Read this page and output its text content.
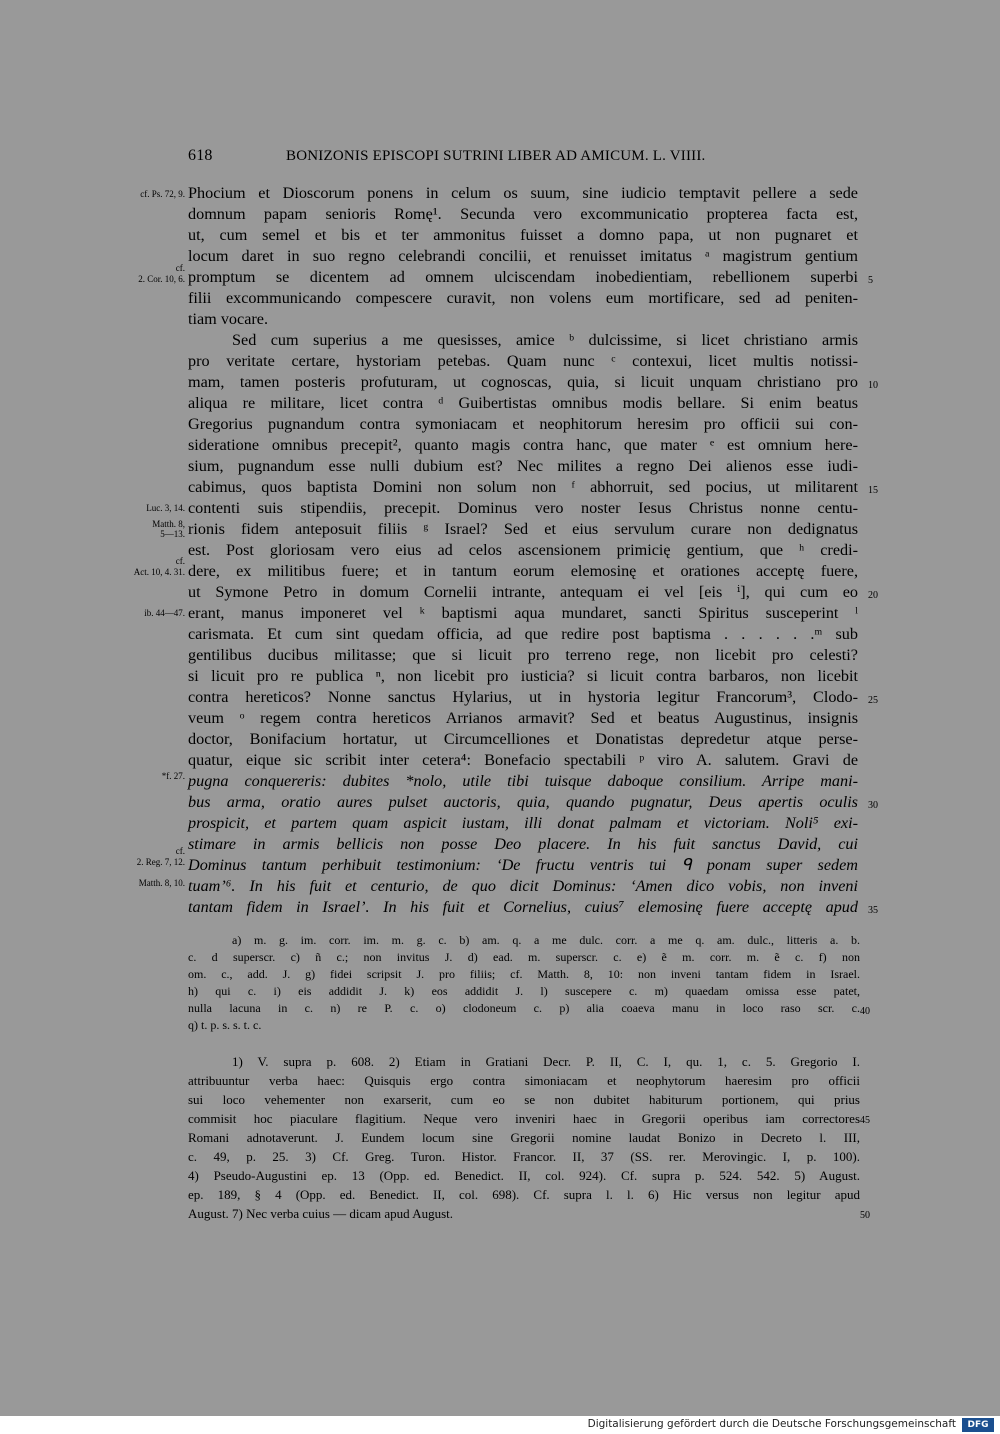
618	BONIZONIS EPISCOPI SUTRINI LIBER AD AMICUM. L. VIIII.
cf. Ps. 72, 9.
cf.
2. Cor. 10, 6.
Luc. 3, 14.
Matth. 8,
5—13.
cf.
Act. 10, 4. 31.
ib. 44—47.
*f. 27.
cf.
2. Reg. 7, 12.
Matth. 8, 10.
5
10
15
20
25
30
35
Phocium et Dioscorum ponens in celum os suum, sine iudicio temptavit pellere a sede
domnum papam senioris Romę¹. Secunda vero excommunicatio propterea facta est,
ut, cum semel et bis et ter ammonitus fuisset a domno papa, ut non pugnaret et
locum daret in suo regno celebrandi concilii, et renuisset imitatus ᵃ magistrum gentium
promptum se dicentem ad omnem ulciscendam inobedientiam, rebellionem superbi
filii excommunicando compescere curavit, non volens eum mortificare, sed ad peniten-
tiam vocare.
Sed cum superius a me quesisses, amice ᵇ dulcissime, si licet christiano armis
pro veritate certare, hystoriam petebas. Quam nunc ᶜ contexui, licet multis notissi-
mam, tamen posteris profuturam, ut cognoscas, quia, si licuit unquam christiano pro
aliqua re militare, licet contra ᵈ Guibertistas omnibus modis bellare. Si enim beatus
Gregorius pugnandum contra symoniacam et neophitorum heresim pro officii sui con-
sideratione omnibus precepit², quanto magis contra hanc, que mater ᵉ est omnium here-
sium, pugnandum esse nulli dubium est? Nec milites a regno Dei alienos esse iudi-
cabimus, quos baptista Domini non solum non ᶠ abhorruit, sed pocius, ut militarent
contenti suis stipendiis, precepit. Dominus vero noster Iesus Christus nonne centu-
rionis fidem anteposuit filiis ᵍ Israel? Sed et eius servulum curare non dedignatus
est. Post gloriosam vero eius ad celos ascensionem primicię gentium, que ʰ credi-
dere, ex militibus fuere; et in tantum eorum elemosinę et orationes acceptę fuere,
ut Symone Petro in domum Cornelii intrante, antequam ei vel [eis ⁱ], qui cum eo
erant, manus imponeret vel ᵏ baptismi aqua mundaret, sancti Spiritus susceperint ˡ
carismata. Et cum sint quedam officia, ad que redire post baptisma . . . . . .ᵐ sub
gentilibus ducibus militasse; que si licuit pro terreno rege, non licebit pro celesti?
si licuit pro re publica ⁿ, non licebit pro iusticia? si licuit contra barbaros, non licebit
contra hereticos? Nonne sanctus Hylarius, ut in hystoria legitur Francorum³, Clodo-
veum ᵒ regem contra hereticos Arrianos armavit? Sed et beatus Augustinus, insignis
doctor, Bonifacium hortatur, ut Circumcelliones et Donatistas depredetur atque perse-
quatur, eique sic scribit inter cetera⁴: Bonefacio spectabili ᵖ viro A. salutem. Gravi de
pugna conquereris: dubites *nolo, utile tibi tuisque daboque consilium. Arripe mani-
bus arma, oratio aures pulset auctoris, quia, quando pugnatur, Deus apertis oculis
prospicit, et partem quam aspicit iustam, illi donat palmam et victoriam. Noli⁵ exi-
stimare in armis bellicis non posse Deo placere. In his fuit sanctus David, cui
Dominus tantum perhibuit testimonium: ‘De fructu ventris tui ᑫ ponam super sedem
tuam’⁶. In his fuit et centurio, de quo dicit Dominus: ‘Amen dico vobis, non inveni
tantam fidem in Israel’. In his fuit et Cornelius, cuius⁷ elemosinę fuere acceptę apud
a) m. g. im. corr. im. m. g. c. b) am. q. a me dulc. corr. a me q. am. dulc., litteris a. b.
c. d superscr. c) ñ c.; non invitus J. d) ead. m. superscr. c. e) ẽ m. corr. m. ẽ c. f) non
om. c., add. J. g) fidei scripsit J. pro filiis; cf. Matth. 8, 10: non inveni tantam fidem in Israel.
h) qui c. i) eis addidit J. k) eos addidit J. l) suscepere c. m) quaedam omissa esse patet,
nulla lacuna in c. n) re P. c. o) clodoneum c. p) alia coaeva manu in loco raso scr. c.
q) t. p. s. s. t. c.
40
1) V. supra p. 608. 2) Etiam in Gratiani Decr. P. II, C. I, qu. 1, c. 5. Gregorio I.
attribuuntur verba haec: Quisquis ergo contra simoniacam et neophytorum haeresim pro officii
sui loco vehementer non exarserit, cum eo se non dubitet habiturum portionem, qui prius
commisit hoc piaculare flagitium. Neque vero inveniri haec in Gregorii operibus iam correctores
Romani adnotaverunt. J. Eundem locum sine Gregorii nomine laudat Bonizo in Decreto l. III,
c. 49, p. 25. 3) Cf. Greg. Turon. Histor. Francor. II, 37 (SS. rer. Merovingic. I, p. 100).
4) Pseudo-Augustini ep. 13 (Opp. ed. Benedict. II, col. 924). Cf. supra p. 524. 542. 5) August.
ep. 189, § 4 (Opp. ed. Benedict. II, col. 698). Cf. supra l. l. 6) Hic versus non legitur apud
August. 7) Nec verba cuius — dicam apud August.
45
50
Digitalisierung gefördert durch die Deutsche Forschungsgemeinschaft	DFG
